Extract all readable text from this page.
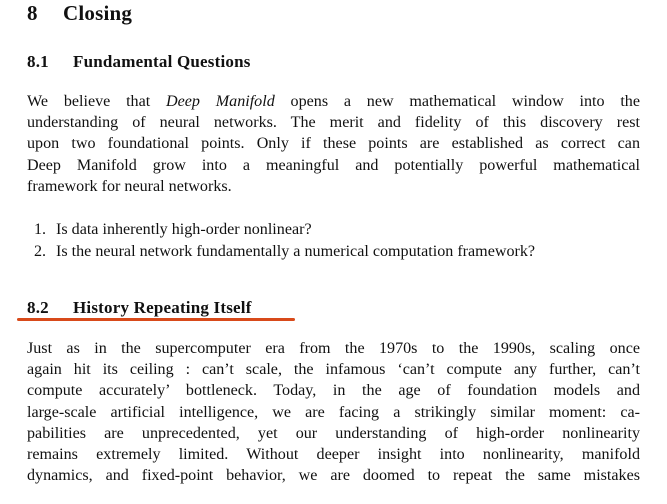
8 Closing
8.1 Fundamental Questions

We believe that Deep Manifold opens a new mathematical window into the
understanding of neural networks. The merit and fidelity of this discovery rest
upon two foundational points. Only if these points are established as correct can
Deep Manifold grow into a meaningful and potentially powerful mathematical
framework for neural networks.

1. Is data inherently high-order nonlinear?
2. Is the neural network fundamentally a numerical computation framework?
8.2 History Repeating Itself

Just as in the supercomputer era from the 1970s to the 1990s, scaling once
again hit its ceiling : can’t scale, the infamous ‘can’t compute any further, can’t
compute accurately’ bottleneck. Today, in the age of foundation models and
large-scale artificial intelligence, we are facing a strikingly similar moment: ca-
pabilities are unprecedented, yet our understanding of high-order nonlinearity
remains extremely limited. Without deeper insight into nonlinearity, manifold
dynamics, and fixed-point behavior, we are doomed to repeat the same mistakes
